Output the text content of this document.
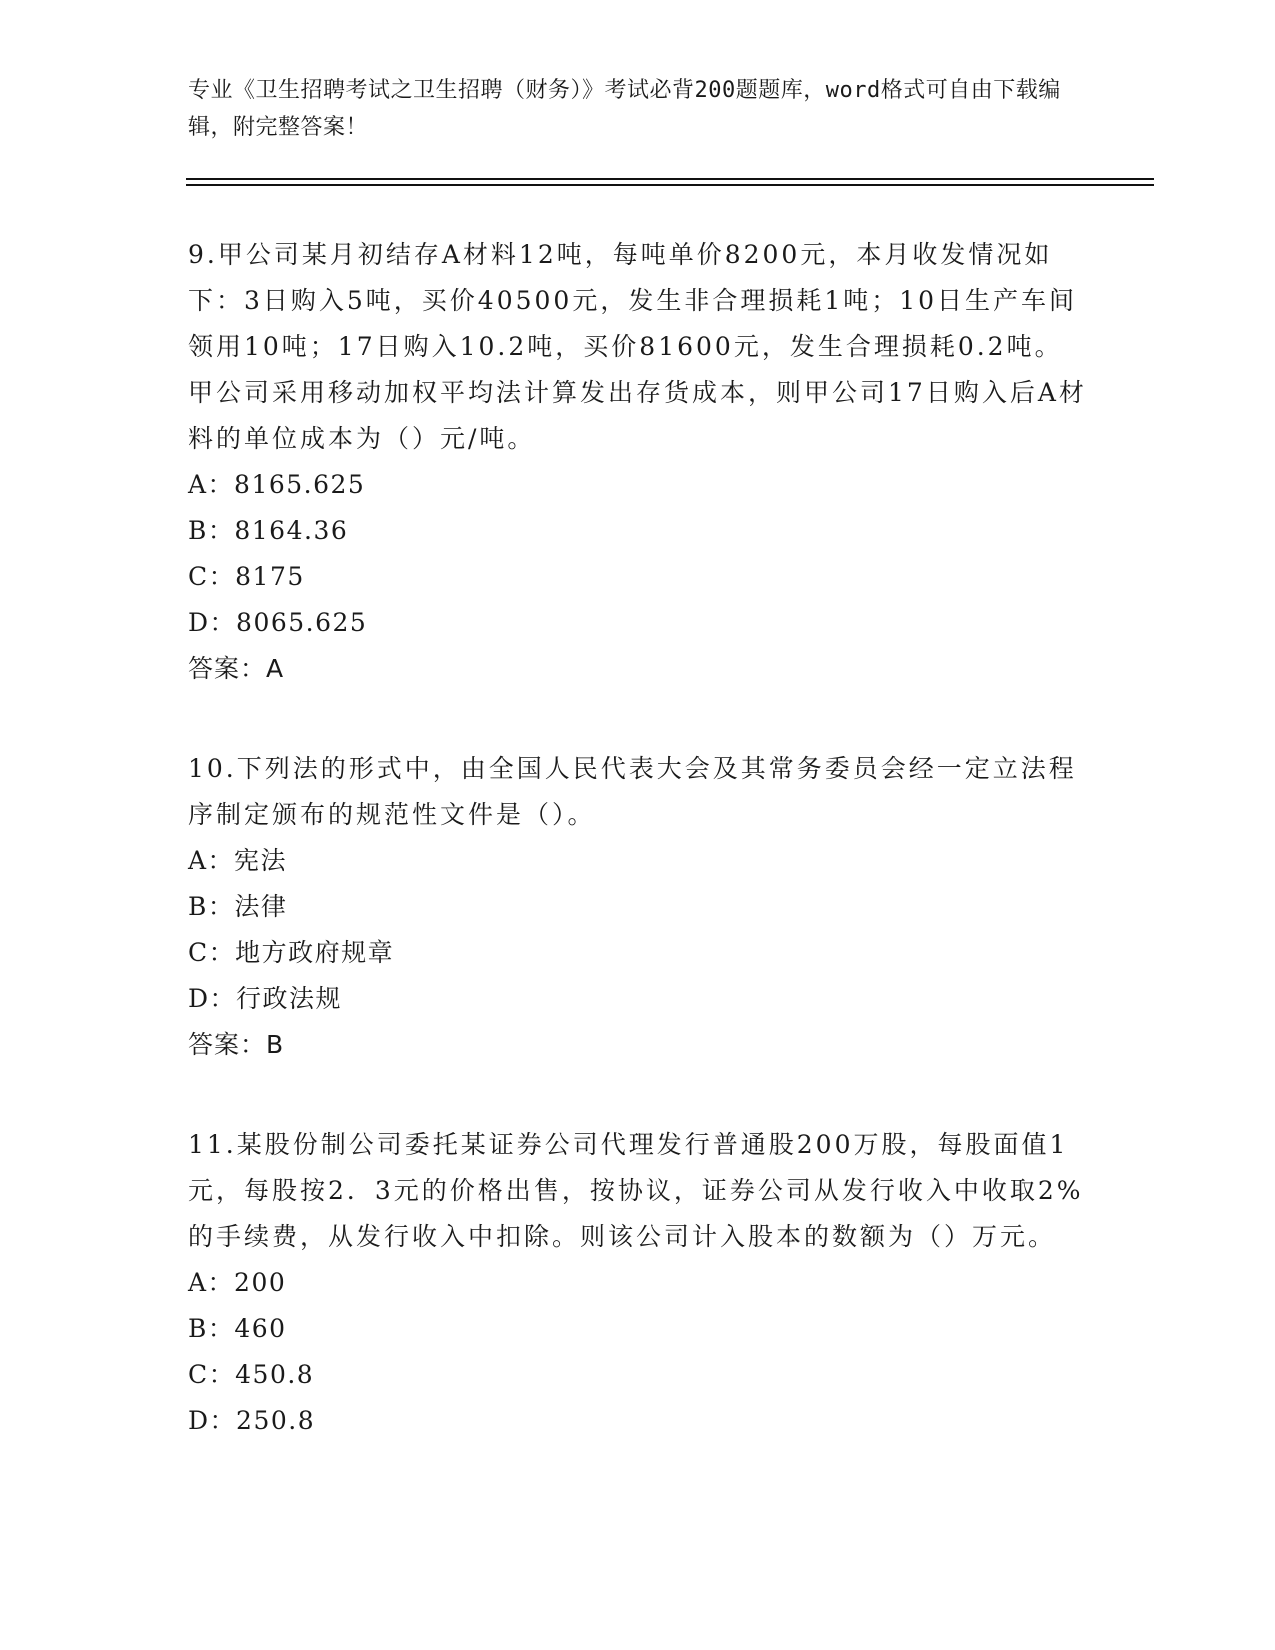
专业《卫生招聘考试之卫生招聘（财务）》考试必背200题题库，word格式可自由下载编辑，附完整答案！

9.甲公司某月初结存A材料12吨，每吨单价8200元，本月收发情况如下：3日购入5吨，买价40500元，发生非合理损耗1吨；10日生产车间领用10吨；17日购入10.2吨，买价81600元，发生合理损耗0.2吨。甲公司采用移动加权平均法计算发出存货成本，则甲公司17日购入后A材料的单位成本为（）元/吨。

A：8165.625

B：8164.36

C：8175

D：8065.625

答案：A

10.下列法的形式中，由全国人民代表大会及其常务委员会经一定立法程序制定颁布的规范性文件是（）。

A：宪法

B：法律

C：地方政府规章

D：行政法规

答案：B

11.某股份制公司委托某证券公司代理发行普通股200万股，每股面值1元，每股按2．3元的价格出售，按协议，证券公司从发行收入中收取2%的手续费，从发行收入中扣除。则该公司计入股本的数额为（）万元。

A：200

B：460

C：450.8

D：250.8
